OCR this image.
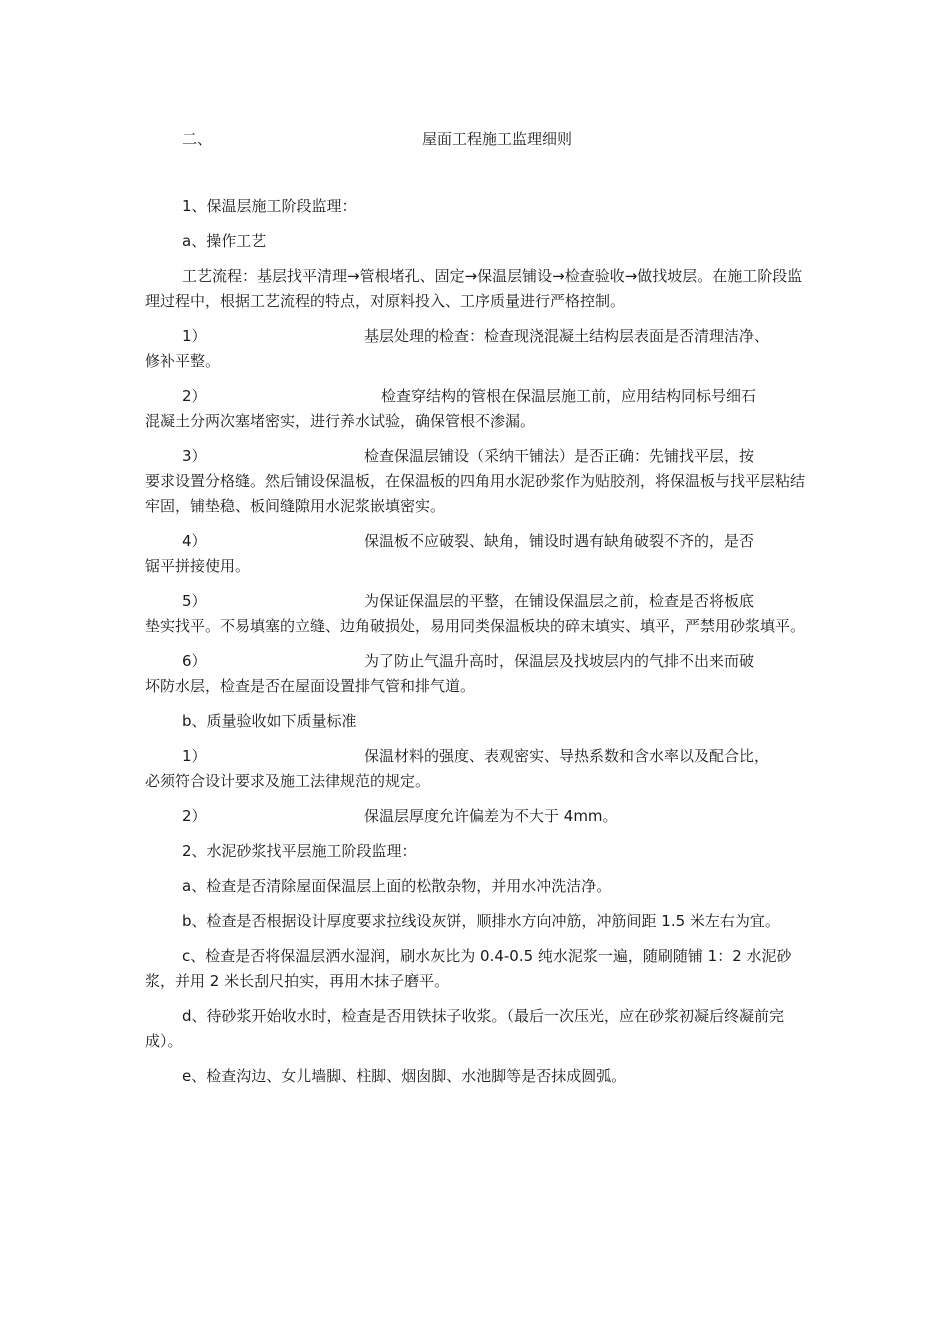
二、	屋面工程施工监理细则

1、保温层施工阶段监理：

a、操作工艺

工艺流程：基层找平清理→管根堵孔、固定→保温层铺设→检查验收→做找坡层。在施工阶段监理过程中，根据工艺流程的特点，对原料投入、工序质量进行严格控制。

1）	基层处理的检查：检查现浇混凝土结构层表面是否清理洁净、
修补平整。

2）	检查穿结构的管根在保温层施工前，应用结构同标号细石
混凝土分两次塞堵密实，进行养水试验，确保管根不渗漏。

3）	检查保温层铺设（采纳干铺法）是否正确：先铺找平层，按
要求设置分格缝。然后铺设保温板，在保温板的四角用水泥砂浆作为贴胶剂，将保温板与找平层粘结牢固，铺垫稳、板间缝隙用水泥浆嵌填密实。

4）	保温板不应破裂、缺角，铺设时遇有缺角破裂不齐的，是否
锯平拼接使用。

5）	为保证保温层的平整，在铺设保温层之前，检查是否将板底
垫实找平。不易填塞的立缝、边角破损处，易用同类保温板块的碎末填实、填平，严禁用砂浆填平。

6）	为了防止气温升高时，保温层及找坡层内的气排不出来而破
坏防水层，检查是否在屋面设置排气管和排气道。

b、质量验收如下质量标准

1）	保温材料的强度、表观密实、导热系数和含水率以及配合比，
必须符合设计要求及施工法律规范的规定。

2）	保温层厚度允许偏差为不大于 4mm。

2、水泥砂浆找平层施工阶段监理：

a、检查是否清除屋面保温层上面的松散杂物，并用水冲洗洁净。

b、检查是否根据设计厚度要求拉线设灰饼，顺排水方向冲筋，冲筋间距 1.5 米左右为宜。

c、检查是否将保温层洒水湿润，刷水灰比为 0.4-0.5 纯水泥浆一遍，随刷随铺 1：2 水泥砂浆，并用 2 米长刮尺拍实，再用木抹子磨平。

d、待砂浆开始收水时，检查是否用铁抹子收浆。（最后一次压光，应在砂浆初凝后终凝前完成）。

e、检查沟边、女儿墙脚、柱脚、烟囱脚、水池脚等是否抹成圆弧。
